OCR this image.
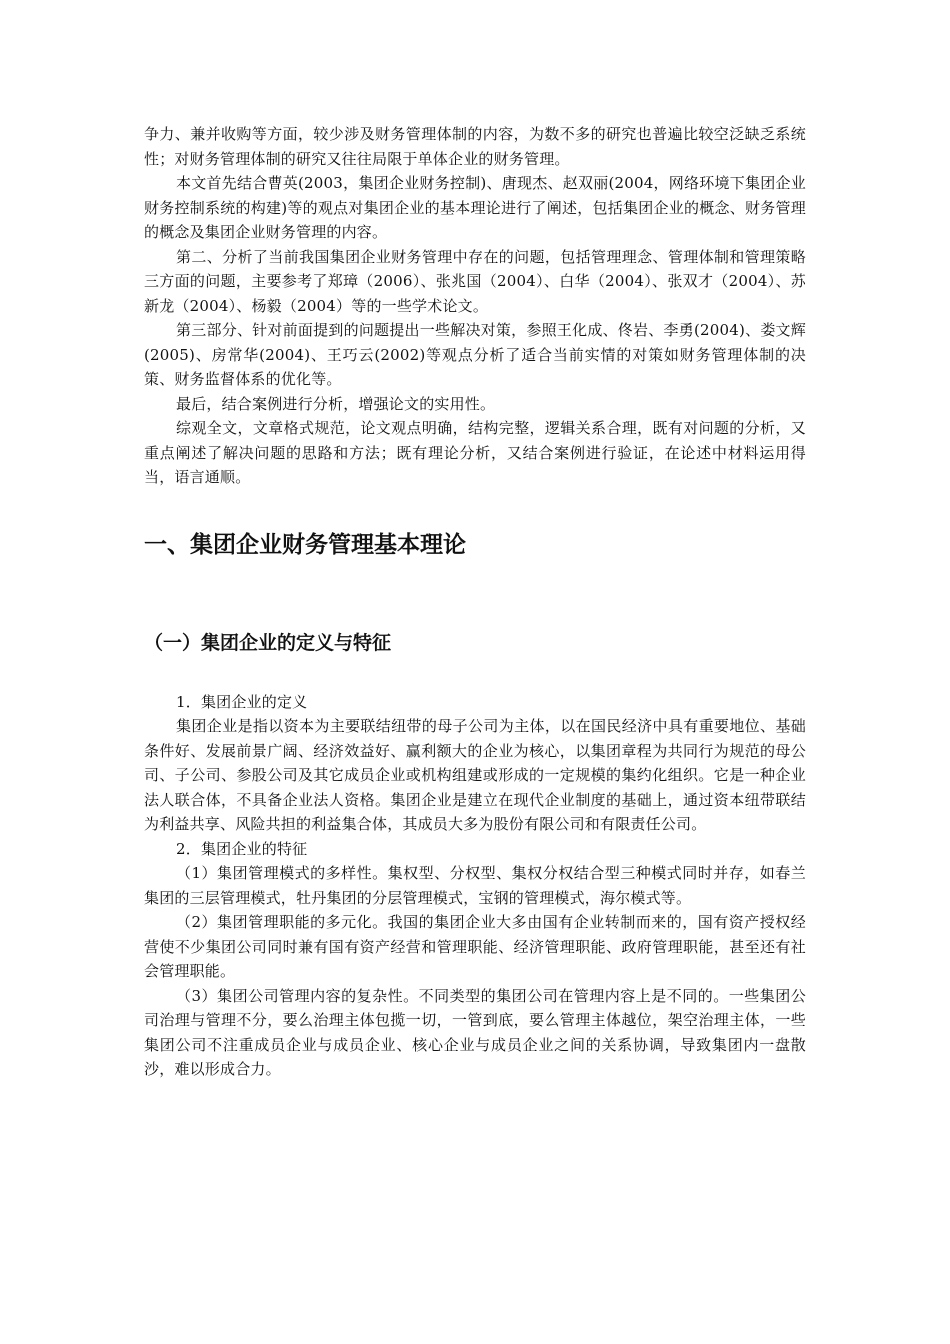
争力、兼并收购等方面，较少涉及财务管理体制的内容，为数不多的研究也普遍比较空泛缺乏系统性；对财务管理体制的研究又往往局限于单体企业的财务管理。

本文首先结合曹英(2003，集团企业财务控制)、唐现杰、赵双丽(2004，网络环境下集团企业财务控制系统的构建)等的观点对集团企业的基本理论进行了阐述，包括集团企业的概念、财务管理的概念及集团企业财务管理的内容。

第二、分析了当前我国集团企业财务管理中存在的问题，包括管理理念、管理体制和管理策略三方面的问题，主要参考了郑璋（2006）、张兆国（2004）、白华（2004）、张双才（2004）、苏新龙（2004）、杨毅（2004）等的一些学术论文。

第三部分、针对前面提到的问题提出一些解决对策，参照王化成、佟岩、李勇(2004)、娄文辉(2005)、房常华(2004)、王巧云(2002)等观点分析了适合当前实情的对策如财务管理体制的决策、财务监督体系的优化等。

最后，结合案例进行分析，增强论文的实用性。

综观全文，文章格式规范，论文观点明确，结构完整，逻辑关系合理，既有对问题的分析，又重点阐述了解决问题的思路和方法；既有理论分析，又结合案例进行验证，在论述中材料运用得当，语言通顺。

一、集团企业财务管理基本理论
（一）集团企业的定义与特征

1．集团企业的定义

集团企业是指以资本为主要联结纽带的母子公司为主体，以在国民经济中具有重要地位、基础条件好、发展前景广阔、经济效益好、赢利额大的企业为核心，以集团章程为共同行为规范的母公司、子公司、参股公司及其它成员企业或机构组建或形成的一定规模的集约化组织。它是一种企业法人联合体，不具备企业法人资格。集团企业是建立在现代企业制度的基础上，通过资本纽带联结为利益共享、风险共担的利益集合体，其成员大多为股份有限公司和有限责任公司。

2．集团企业的特征

（1）集团管理模式的多样性。集权型、分权型、集权分权结合型三种模式同时并存，如春兰集团的三层管理模式，牡丹集团的分层管理模式，宝钢的管理模式，海尔模式等。

（2）集团管理职能的多元化。我国的集团企业大多由国有企业转制而来的，国有资产授权经营使不少集团公司同时兼有国有资产经营和管理职能、经济管理职能、政府管理职能，甚至还有社会管理职能。

（3）集团公司管理内容的复杂性。不同类型的集团公司在管理内容上是不同的。一些集团公司治理与管理不分，要么治理主体包揽一切，一管到底，要么管理主体越位，架空治理主体，一些集团公司不注重成员企业与成员企业、核心企业与成员企业之间的关系协调，导致集团内一盘散沙，难以形成合力。
